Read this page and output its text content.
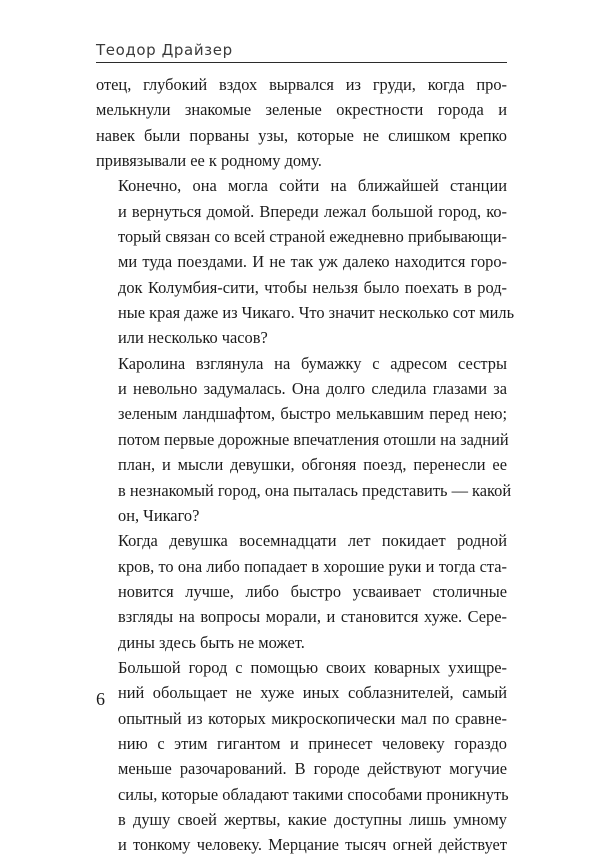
Теодор Драйзер

отец, глубокий вздох вырвался из груди, когда про-
мелькнули знакомые зеленые окрестности города и
навек были порваны узы, которые не слишком крепко
привязывали ее к родному дому.

Конечно, она могла сойти на ближайшей станции
и вернуться домой. Впереди лежал большой город, ко-
торый связан со всей страной ежедневно прибывающи-
ми туда поездами. И не так уж далеко находится горо-
док Колумбия-сити, чтобы нельзя было поехать в род-
ные края даже из Чикаго. Что значит несколько сот миль
или несколько часов?

Каролина взглянула на бумажку с адресом сестры
и невольно задумалась. Она долго следила глазами за
зеленым ландшафтом, быстро мелькавшим перед нею;
потом первые дорожные впечатления отошли на задний
план, и мысли девушки, обгоняя поезд, перенесли ее
в незнакомый город, она пыталась представить — какой
он, Чикаго?

Когда девушка восемнадцати лет покидает родной
кров, то она либо попадает в хорошие руки и тогда ста-
новится лучше, либо быстро усваивает столичные
взгляды на вопросы морали, и становится хуже. Сере-
дины здесь быть не может.

Большой город с помощью своих коварных ухищре-
ний обольщает не хуже иных соблазнителей, самый
опытный из которых микроскопически мал по сравне-
нию с этим гигантом и принесет человеку гораздо
меньше разочарований. В городе действуют могучие
силы, которые обладают такими способами проникнуть
в душу своей жертвы, какие доступны лишь умному
и тонкому человеку. Мерцание тысяч огней действует

6
